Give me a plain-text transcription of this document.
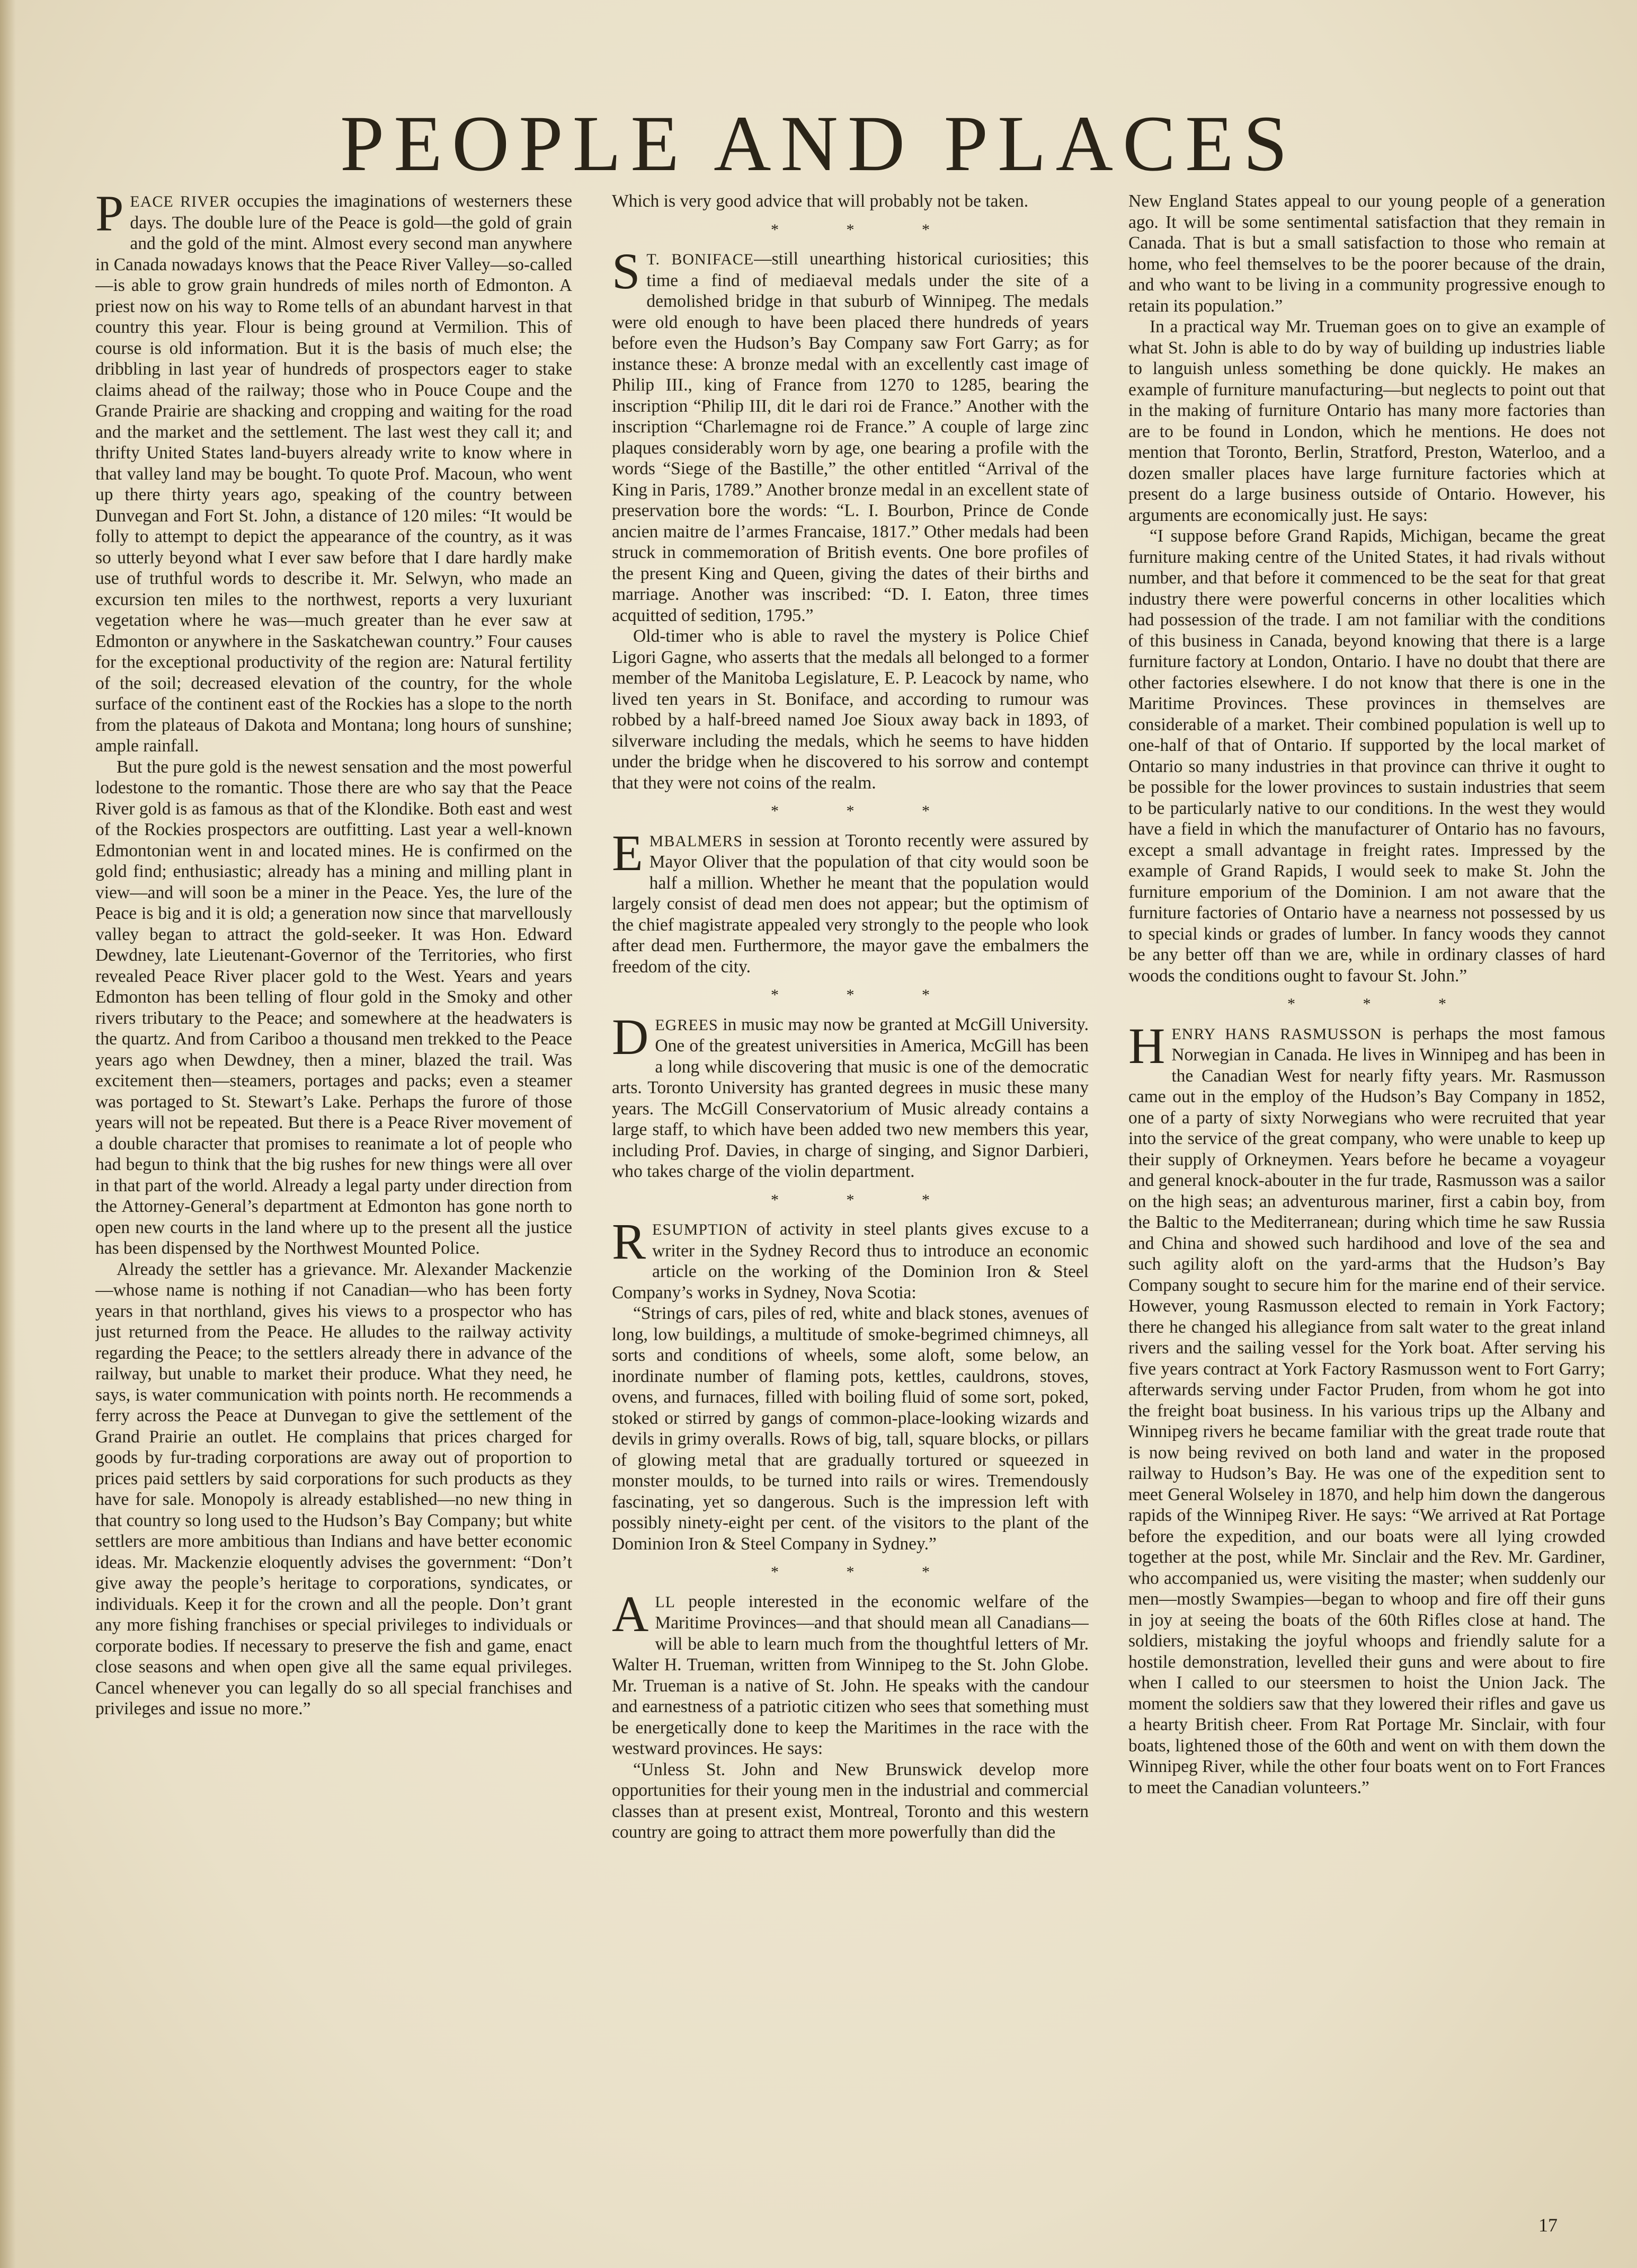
PEOPLE AND PLACES

PEACE RIVER occupies the imaginations of westerners these days. The double lure of the Peace is gold—the gold of grain and the gold of the mint. Almost every second man anywhere in Canada nowadays knows that the Peace River Valley—so-called—is able to grow grain hundreds of miles north of Edmonton. A priest now on his way to Rome tells of an abundant harvest in that country this year. Flour is being ground at Vermilion. This of course is old information. But it is the basis of much else; the dribbling in last year of hundreds of prospectors eager to stake claims ahead of the railway; those who in Pouce Coupe and the Grande Prairie are shacking and cropping and waiting for the road and the market and the settlement. The last west they call it; and thrifty United States land-buyers already write to know where in that valley land may be bought. To quote Prof. Macoun, who went up there thirty years ago, speaking of the country between Dunvegan and Fort St. John, a distance of 120 miles: “It would be folly to attempt to depict the appearance of the country, as it was so utterly beyond what I ever saw before that I dare hardly make use of truthful words to describe it. Mr. Selwyn, who made an excursion ten miles to the northwest, reports a very luxuriant vegetation where he was—much greater than he ever saw at Edmonton or anywhere in the Saskatchewan country.” Four causes for the exceptional productivity of the region are: Natural fertility of the soil; decreased elevation of the country, for the whole surface of the continent east of the Rockies has a slope to the north from the plateaus of Dakota and Montana; long hours of sunshine; ample rainfall.

But the pure gold is the newest sensation and the most powerful lodestone to the romantic. Those there are who say that the Peace River gold is as famous as that of the Klondike. Both east and west of the Rockies prospectors are outfitting. Last year a well-known Edmontonian went in and located mines. He is confirmed on the gold find; enthusiastic; already has a mining and milling plant in view—and will soon be a miner in the Peace. Yes, the lure of the Peace is big and it is old; a generation now since that marvellously valley began to attract the gold-seeker. It was Hon. Edward Dewdney, late Lieutenant-Governor of the Territories, who first revealed Peace River placer gold to the West. Years and years Edmonton has been telling of flour gold in the Smoky and other rivers tributary to the Peace; and somewhere at the headwaters is the quartz. And from Cariboo a thousand men trekked to the Peace years ago when Dewdney, then a miner, blazed the trail. Was excitement then—steamers, portages and packs; even a steamer was portaged to St. Stewart’s Lake. Perhaps the furore of those years will not be repeated. But there is a Peace River movement of a double character that promises to reanimate a lot of people who had begun to think that the big rushes for new things were all over in that part of the world. Already a legal party under direction from the Attorney-General’s department at Edmonton has gone north to open new courts in the land where up to the present all the justice has been dispensed by the Northwest Mounted Police.

Already the settler has a grievance. Mr. Alexander Mackenzie—whose name is nothing if not Canadian—who has been forty years in that northland, gives his views to a prospector who has just returned from the Peace. He alludes to the railway activity regarding the Peace; to the settlers already there in advance of the railway, but unable to market their produce. What they need, he says, is water communication with points north. He recommends a ferry across the Peace at Dunvegan to give the settlement of the Grand Prairie an outlet. He complains that prices charged for goods by fur-trading corporations are away out of proportion to prices paid settlers by said corporations for such products as they have for sale. Monopoly is already established—no new thing in that country so long used to the Hudson’s Bay Company; but white settlers are more ambitious than Indians and have better economic ideas. Mr. Mackenzie eloquently advises the government: “Don’t give away the people’s heritage to corporations, syndicates, or individuals. Keep it for the crown and all the people. Don’t grant any more fishing franchises or special privileges to individuals or corporate bodies. If necessary to preserve the fish and game, enact close seasons and when open give all the same equal privileges. Cancel whenever you can legally do so all special franchises and privileges and issue no more.”

Which is very good advice that will probably not be taken.

* * *

S T. BONIFACE—still unearthing historical curiosities; this time a find of mediaeval medals under the site of a demolished bridge in that suburb of Winnipeg. The medals were old enough to have been placed there hundreds of years before even the Hudson’s Bay Company saw Fort Garry; as for instance these: A bronze medal with an excellently cast image of Philip III., king of France from 1270 to 1285, bearing the inscription “Philip III, dit le dari roi de France.” Another with the inscription “Charlemagne roi de France.” A couple of large zinc plaques considerably worn by age, one bearing a profile with the words “Siege of the Bastille,” the other entitled “Arrival of the King in Paris, 1789.” Another bronze medal in an excellent state of preservation bore the words: “L. I. Bourbon, Prince de Conde ancien maitre de l’armes Francaise, 1817.” Other medals had been struck in commemoration of British events. One bore profiles of the present King and Queen, giving the dates of their births and marriage. Another was inscribed: “D. I. Eaton, three times acquitted of sedition, 1795.”

Old-timer who is able to ravel the mystery is Police Chief Ligori Gagne, who asserts that the medals all belonged to a former member of the Manitoba Legislature, E. P. Leacock by name, who lived ten years in St. Boniface, and according to rumour was robbed by a half-breed named Joe Sioux away back in 1893, of silverware including the medals, which he seems to have hidden under the bridge when he discovered to his sorrow and contempt that they were not coins of the realm.

* * *

EMBALMERS in session at Toronto recently were assured by Mayor Oliver that the population of that city would soon be half a million. Whether he meant that the population would largely consist of dead men does not appear; but the optimism of the chief magistrate appealed very strongly to the people who look after dead men. Furthermore, the mayor gave the embalmers the freedom of the city.

* * *

DEGREES in music may now be granted at McGill University. One of the greatest universities in America, McGill has been a long while discovering that music is one of the democratic arts. Toronto University has granted degrees in music these many years. The McGill Conservatorium of Music already contains a large staff, to which have been added two new members this year, including Prof. Davies, in charge of singing, and Signor Darbieri, who takes charge of the violin department.

* * *

RESUMPTION of activity in steel plants gives excuse to a writer in the Sydney Record thus to introduce an economic article on the working of the Dominion Iron & Steel Company’s works in Sydney, Nova Scotia:

“Strings of cars, piles of red, white and black stones, avenues of long, low buildings, a multitude of smoke-begrimed chimneys, all sorts and conditions of wheels, some aloft, some below, an inordinate number of flaming pots, kettles, cauldrons, stoves, ovens, and furnaces, filled with boiling fluid of some sort, poked, stoked or stirred by gangs of common-place-looking wizards and devils in grimy overalls. Rows of big, tall, square blocks, or pillars of glowing metal that are gradually tortured or squeezed in monster moulds, to be turned into rails or wires. Tremendously fascinating, yet so dangerous. Such is the impression left with possibly ninety-eight per cent. of the visitors to the plant of the Dominion Iron & Steel Company in Sydney.”

* * *

ALL people interested in the economic welfare of the Maritime Provinces—and that should mean all Canadians—will be able to learn much from the thoughtful letters of Mr. Walter H. Trueman, written from Winnipeg to the St. John Globe. Mr. Trueman is a native of St. John. He speaks with the candour and earnestness of a patriotic citizen who sees that something must be energetically done to keep the Maritimes in the race with the westward provinces. He says:

“Unless St. John and New Brunswick develop more opportunities for their young men in the industrial and commercial classes than at present exist, Montreal, Toronto and this western country are going to attract them more powerfully than did the

New England States appeal to our young people of a generation ago. It will be some sentimental satisfaction that they remain in Canada. That is but a small satisfaction to those who remain at home, who feel themselves to be the poorer because of the drain, and who want to be living in a community progressive enough to retain its population.”

In a practical way Mr. Trueman goes on to give an example of what St. John is able to do by way of building up industries liable to languish unless something be done quickly. He makes an example of furniture manufacturing—but neglects to point out that in the making of furniture Ontario has many more factories than are to be found in London, which he mentions. He does not mention that Toronto, Berlin, Stratford, Preston, Waterloo, and a dozen smaller places have large furniture factories which at present do a large business outside of Ontario. However, his arguments are economically just. He says:

“I suppose before Grand Rapids, Michigan, became the great furniture making centre of the United States, it had rivals without number, and that before it commenced to be the seat for that great industry there were powerful concerns in other localities which had possession of the trade. I am not familiar with the conditions of this business in Canada, beyond knowing that there is a large furniture factory at London, Ontario. I have no doubt that there are other factories elsewhere. I do not know that there is one in the Maritime Provinces. These provinces in themselves are considerable of a market. Their combined population is well up to one-half of that of Ontario. If supported by the local market of Ontario so many industries in that province can thrive it ought to be possible for the lower provinces to sustain industries that seem to be particularly native to our conditions. In the west they would have a field in which the manufacturer of Ontario has no favours, except a small advantage in freight rates. Impressed by the example of Grand Rapids, I would seek to make St. John the furniture emporium of the Dominion. I am not aware that the furniture factories of Ontario have a nearness not possessed by us to special kinds or grades of lumber. In fancy woods they cannot be any better off than we are, while in ordinary classes of hard woods the conditions ought to favour St. John.”

* * *

HENRY HANS RASMUSSON is perhaps the most famous Norwegian in Canada. He lives in Winnipeg and has been in the Canadian West for nearly fifty years. Mr. Rasmusson came out in the employ of the Hudson’s Bay Company in 1852, one of a party of sixty Norwegians who were recruited that year into the service of the great company, who were unable to keep up their supply of Orkneymen. Years before he became a voyageur and general knock-abouter in the fur trade, Rasmusson was a sailor on the high seas; an adventurous mariner, first a cabin boy, from the Baltic to the Mediterranean; during which time he saw Russia and China and showed such hardihood and love of the sea and such agility aloft on the yard-arms that the Hudson’s Bay Company sought to secure him for the marine end of their service. However, young Rasmusson elected to remain in York Factory; there he changed his allegiance from salt water to the great inland rivers and the sailing vessel for the York boat. After serving his five years contract at York Factory Rasmusson went to Fort Garry; afterwards serving under Factor Pruden, from whom he got into the freight boat business. In his various trips up the Albany and Winnipeg rivers he became familiar with the great trade route that is now being revived on both land and water in the proposed railway to Hudson’s Bay. He was one of the expedition sent to meet General Wolseley in 1870, and help him down the dangerous rapids of the Winnipeg River. He says: “We arrived at Rat Portage before the expedition, and our boats were all lying crowded together at the post, while Mr. Sinclair and the Rev. Mr. Gardiner, who accompanied us, were visiting the master; when suddenly our men—mostly Swampies—began to whoop and fire off their guns in joy at seeing the boats of the 60th Rifles close at hand. The soldiers, mistaking the joyful whoops and friendly salute for a hostile demonstration, levelled their guns and were about to fire when I called to our steersmen to hoist the Union Jack. The moment the soldiers saw that they lowered their rifles and gave us a hearty British cheer. From Rat Portage Mr. Sinclair, with four boats, lightened those of the 60th and went on with them down the Winnipeg River, while the other four boats went on to Fort Frances to meet the Canadian volunteers.”

17
